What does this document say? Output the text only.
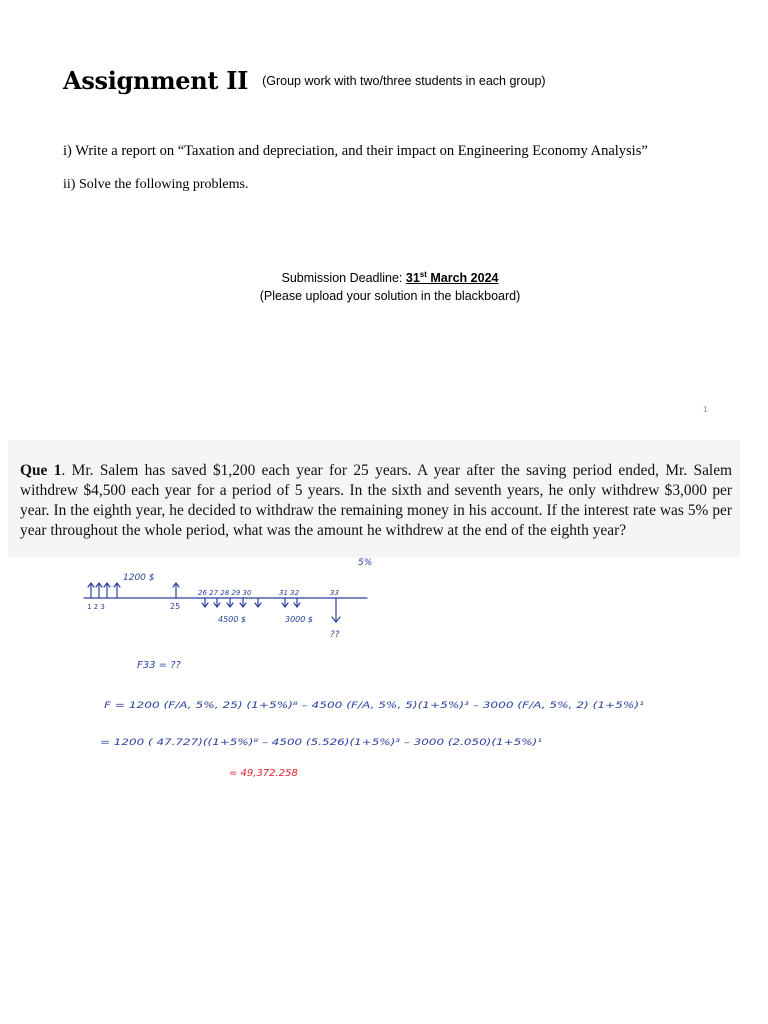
Assignment II $^{(Group work with two/three students in each group)}$
i) Write a report on “Taxation and depreciation, and their impact on Engineering Economy Analysis”
ii) Solve the following problems.
Submission Deadline: 31st March 2024
(Please upload your solution in the blackboard)
1
Que 1. Mr. Salem has saved $1,200 each year for 25 years. A year after the saving period ended, Mr. Salem withdrew $4,500 each year for a period of 5 years. In the sixth and seventh years, he only withdrew $3,000 per year. In the eighth year, he decided to withdraw the remaining money in his account. If the interest rate was 5% per year throughout the whole period, what was the amount he withdrew at the end of the eighth year?
5%
1200 $
1 2 3	25
26 27 28 29 30	31 32	33
4500 $	3000 $
??
F33 = ??
F = 1200 (F/A, 5%, 25) (1+5%)⁸ – 4500 (F/A, 5%, 5)(1+5%)³ – 3000 (F/A, 5%, 2) (1+5%)¹
= 1200 ( 47.727)((1+5%)⁸ – 4500 (5.526)(1+5%)³ – 3000 (2.050)(1+5%)¹
= 49,372.258
